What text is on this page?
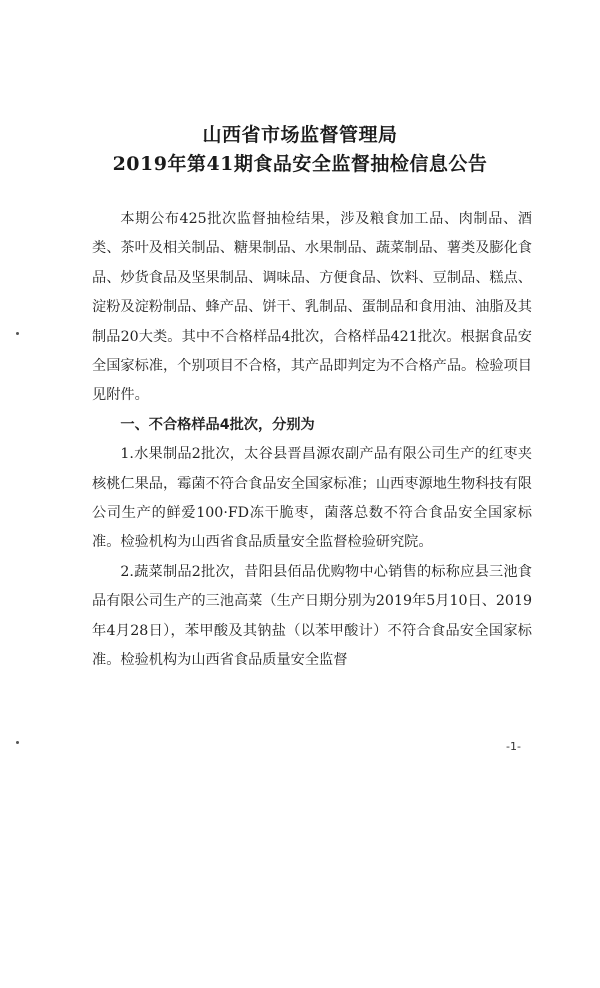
山西省市场监督管理局
2019年第41期食品安全监督抽检信息公告

本期公布425批次监督抽检结果，涉及粮食加工品、肉制品、酒类、茶叶及相关制品、糖果制品、水果制品、蔬菜制品、薯类及膨化食品、炒货食品及坚果制品、调味品、方便食品、饮料、豆制品、糕点、淀粉及淀粉制品、蜂产品、饼干、乳制品、蛋制品和食用油、油脂及其制品20大类。其中不合格样品4批次，合格样品421批次。根据食品安全国家标准，个别项目不合格，其产品即判定为不合格产品。检验项目见附件。

一、不合格样品4批次，分别为

1.水果制品2批次，太谷县晋昌源农副产品有限公司生产的红枣夹核桃仁果品，霉菌不符合食品安全国家标准；山西枣源地生物科技有限公司生产的鲜爱100·FD冻干脆枣，菌落总数不符合食品安全国家标准。检验机构为山西省食品质量安全监督检验研究院。

2.蔬菜制品2批次，昔阳县佰品优购物中心销售的标称应县三池食品有限公司生产的三池高菜（生产日期分别为2019年5月10日、2019年4月28日），苯甲酸及其钠盐（以苯甲酸计）不符合食品安全国家标准。检验机构为山西省食品质量安全监督

-1-
